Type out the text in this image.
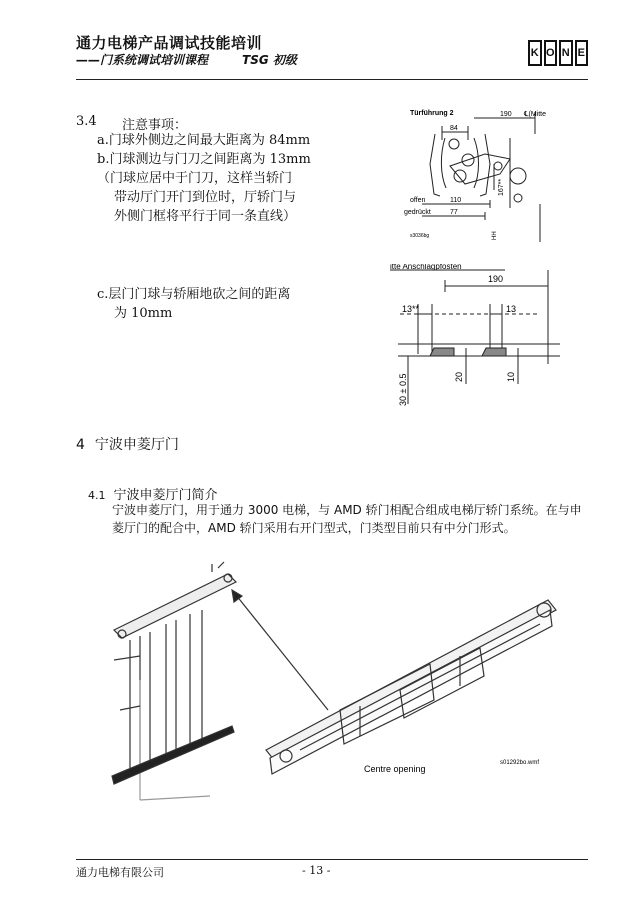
通力电梯产品调试技能培训
——门系统调试培训课程	TSG 初级	K O N E
3.4 注意事项：
a.门球外侧边之间最大距离为 84mm
b.门球测边与门刀之间距离为 13mm
（门球应居中于门刀，这样当轿门
带动厅门开门到位时，厅轿门与
外侧门框将平行于同一条直线）
c.层门门球与轿厢地砍之间的距离
为 10mm
Türführung 2	190 ℄(Mitte
84
110
77
offen
gedrückt
167**
s3036bg	HH
itte Anschlagpfosten
190
13**	13
20	10
30 ± 0.5
4 宁波申菱厅门
4.1 宁波申菱厅门简介
宁波申菱厅门，用于通力 3000 电梯，与 AMD 轿门相配合组成电梯厅轿门系统。在与申菱厅门的配合中，AMD 轿门采用右开门型式，门类型目前只有中分门形式。
Centre opening
s01292bo.wmf
通力电梯有限公司	- 13 -
